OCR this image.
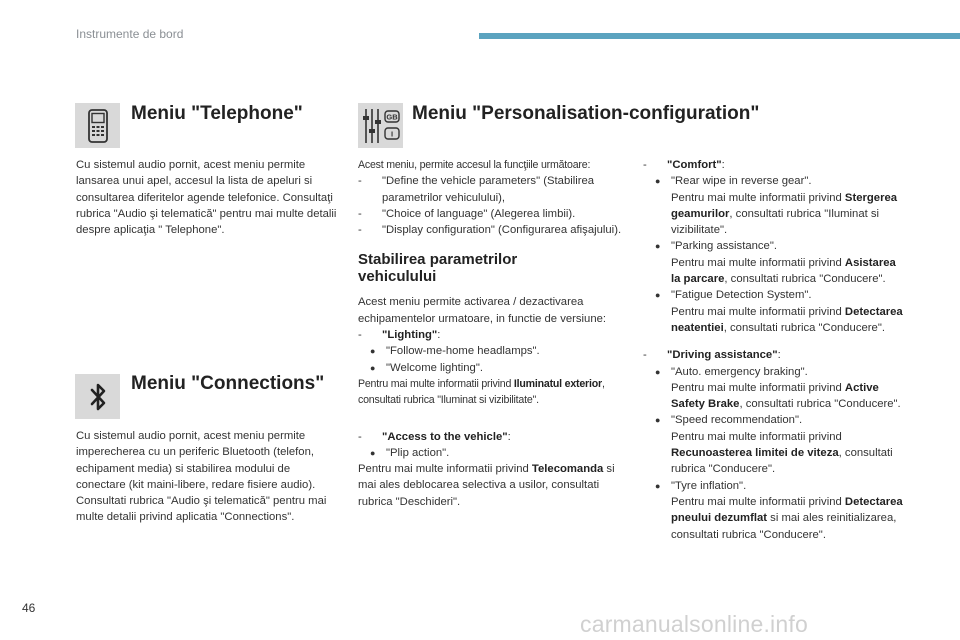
Instrumente de bord
Meniu "Telephone"

Cu sistemul audio pornit, acest meniu permite lansarea unui apel, accesul la lista de apeluri si consultarea diferitelor agende telefonice. Consultaţi rubrica "Audio şi telematică" pentru mai multe detalii despre aplicaţia " Telephone".

Meniu "Connections"

Cu sistemul audio pornit, acest meniu permite imperecherea cu un periferic Bluetooth (telefon, echipament media) si stabilirea modului de conectare (kit maini-libere, redare fisiere audio).

Consultati rubrica "Audio şi telematică" pentru mai multe detalii privind aplicatia "Connections".

GB
I
Meniu "Personalisation-configuration"

Acest meniu, permite accesul la funcţiile următoare:

- "Define the vehicle parameters" (Stabilirea parametrilor vehiculului),
- "Choice of language" (Alegerea limbii).
- "Display configuration" (Configurarea afişajului).
Stabilirea parametrilor vehiculului

Acest meniu permite activarea / dezactivarea echipamentelor urmatoare, in functie de versiune:

- "Lighting":
● "Follow-me-home headlamps".
● "Welcome lighting".

Pentru mai multe informatii privind Iluminatul exterior, consultati rubrica "Iluminat si vizibilitate".

- "Access to the vehicle":
● "Plip action".

Pentru mai multe informatii privind Telecomanda si mai ales deblocarea selectiva a usilor, consultati rubrica "Deschideri".

- "Comfort":
● "Rear wipe in reverse gear".
Pentru mai multe informatii privind Stergerea geamurilor, consultati rubrica "Iluminat si vizibilitate".
● "Parking assistance".
Pentru mai multe informatii privind Asistarea la parcare, consultati rubrica "Conducere".
● "Fatigue Detection System".
Pentru mai multe informatii privind Detectarea neatentiei, consultati rubrica "Conducere".
- "Driving assistance":
● "Auto. emergency braking".
Pentru mai multe informatii privind Active Safety Brake, consultati rubrica "Conducere".
● "Speed recommendation".
Pentru mai multe informatii privind Recunoasterea limitei de viteza, consultati rubrica "Conducere".
● "Tyre inflation".
Pentru mai multe informatii privind Detectarea pneului dezumflat si mai ales reinitializarea, consultati rubrica "Conducere".
46
carmanualsonline.info
